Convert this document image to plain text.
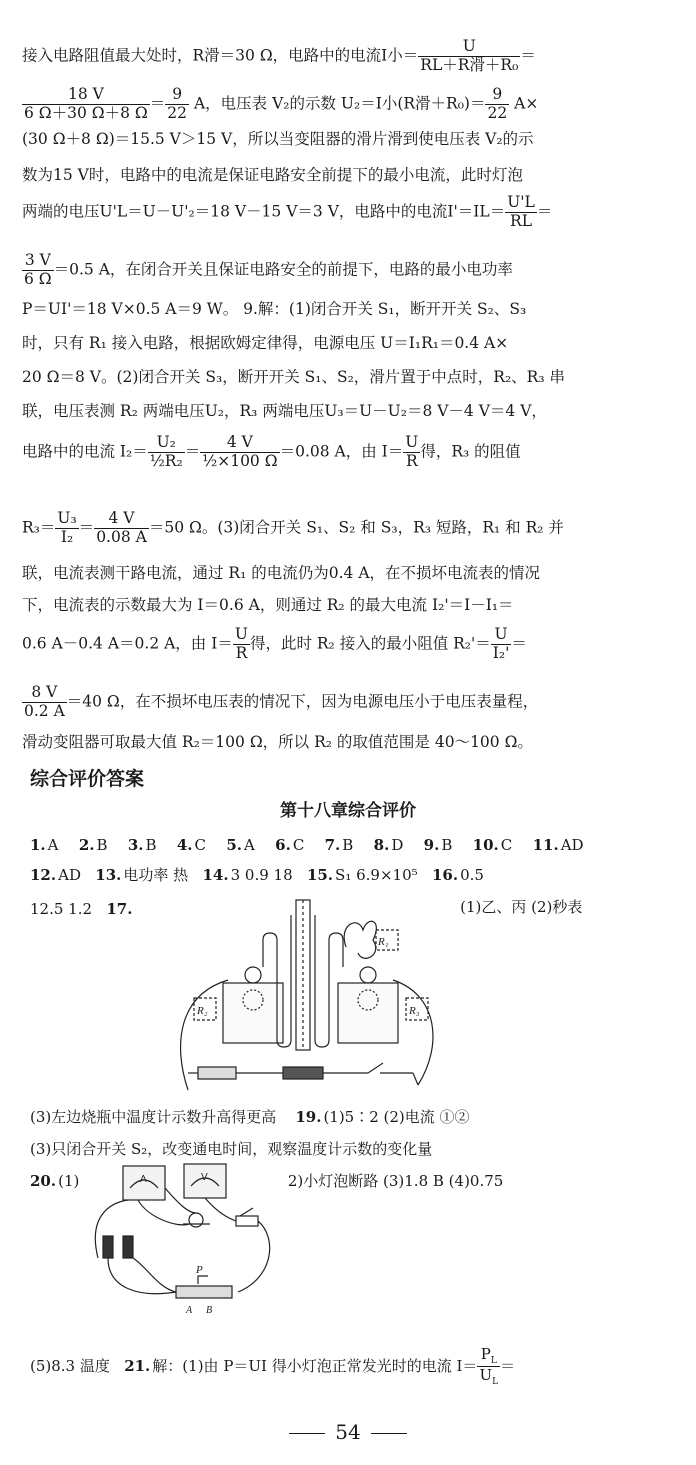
接入电路阻值最大处时，R滑＝30 Ω，电路中的电流I小＝ $\frac{U}{\text{RL＋R滑＋R₀}}$ ＝
$\frac{18 V}{6 \Omega+30 \Omega+8 \Omega} = \frac{9}{22}$ A，电压表 V₂的示数 U₂＝I小(R滑$+R_0)= \frac{9}{22} A\times$
(30 Ω＋8 Ω)＝15.5 V＞15 V，所以当变阻器的滑片滑到使电压表 V₂的示
数为15 V时，电路中的电流是保证电路安全前提下的最小电流，此时灯泡
两端的电压U'L＝U－U'₂＝18 V－15 V＝3 V，电路中的电流$I'=IL= \frac{U'L}{RL}$ ＝
$\frac{3 V}{6 \Omega} =0.5$ A，在闭合开关且保证电路安全的前提下，电路的最小电功率
P＝UI'＝18 V×0.5 A＝9 W。 9.解：(1)闭合开关 S₁，断开开关 S₂、S₃
时，只有 R₁ 接入电路，根据欧姆定律得，电源电压 U＝I₁R₁＝0.4 A×
20 Ω＝8 V。(2)闭合开关 S₃，断开开关 S₁、S₂，滑片置于中点时，R₂、R₃ 串
联，电压表测 R₂ 两端电压U₂，R₃ 两端电压U₃＝U－U₂＝8 V－4 V＝4 V，
电路中的电流 $I_2= \frac{\text{U₂}}{\text{½R₂}} = \frac{4 V}{\text{½×100 Ω}} =0.08$ A，由 $I= \frac{U}{R}$ 得，R₃ 的阻值
$R_3= \frac{\text{U₃}}{\text{I₂}} = \frac{4 V}{0.08 A} =50$ Ω。(3)闭合开关 S₁、S₂ 和 S₃，R₃ 短路，R₁ 和 R₂ 并
联，电流表测干路电流，通过 R₁ 的电流仍为0.4 A，在不损坏电流表的情况
下，电流表的示数最大为 I＝0.6 A，则通过 R₂ 的最大电流 I₂'＝I－I₁＝
0.6 A－0.4 A＝0.2 A，由 $I= \frac{U}{R}$ 得，此时 R₂ 接入的最小阻值 $R_2'= \frac{U}{\text{I₂'}}$ ＝
$\frac{8 V}{0.2 A} =40$ Ω，在不损坏电压表的情况下，因为电源电压小于电压表量程，
滑动变阻器可取最大值 R₂＝100 Ω，所以 R₂ 的取值范围是 40～100 Ω。
综合评价答案
第十八章综合评价
1. A 2. B 3. B 4. C 5. A 6. C 7. B 8. D 9. B 10. C 11. AD
12. AD 13. 电功率 热 14. 3 0.9 18 15. S₁ 6.9×10⁵ 16. 0.5
12.5 1.2 17.	18. (1)乙、丙 (2)秒表
R₁
R₂	R₃
(3)左边烧瓶中温度计示数升高得更高 19. (1)5∶2 (2)电流 ①②
(3)只闭合开关 S₂，改变通电时间，观察温度计示数的变化量
20. (1)	(2)小灯泡断路 (3)1.8 B (4)0.75
A	V
P
A B
(5)8.3 温度 21. 解：(1)由 P＝UI 得小灯泡正常发光时的电流 $I= \frac{P_L}{U_L}$ ＝
54
